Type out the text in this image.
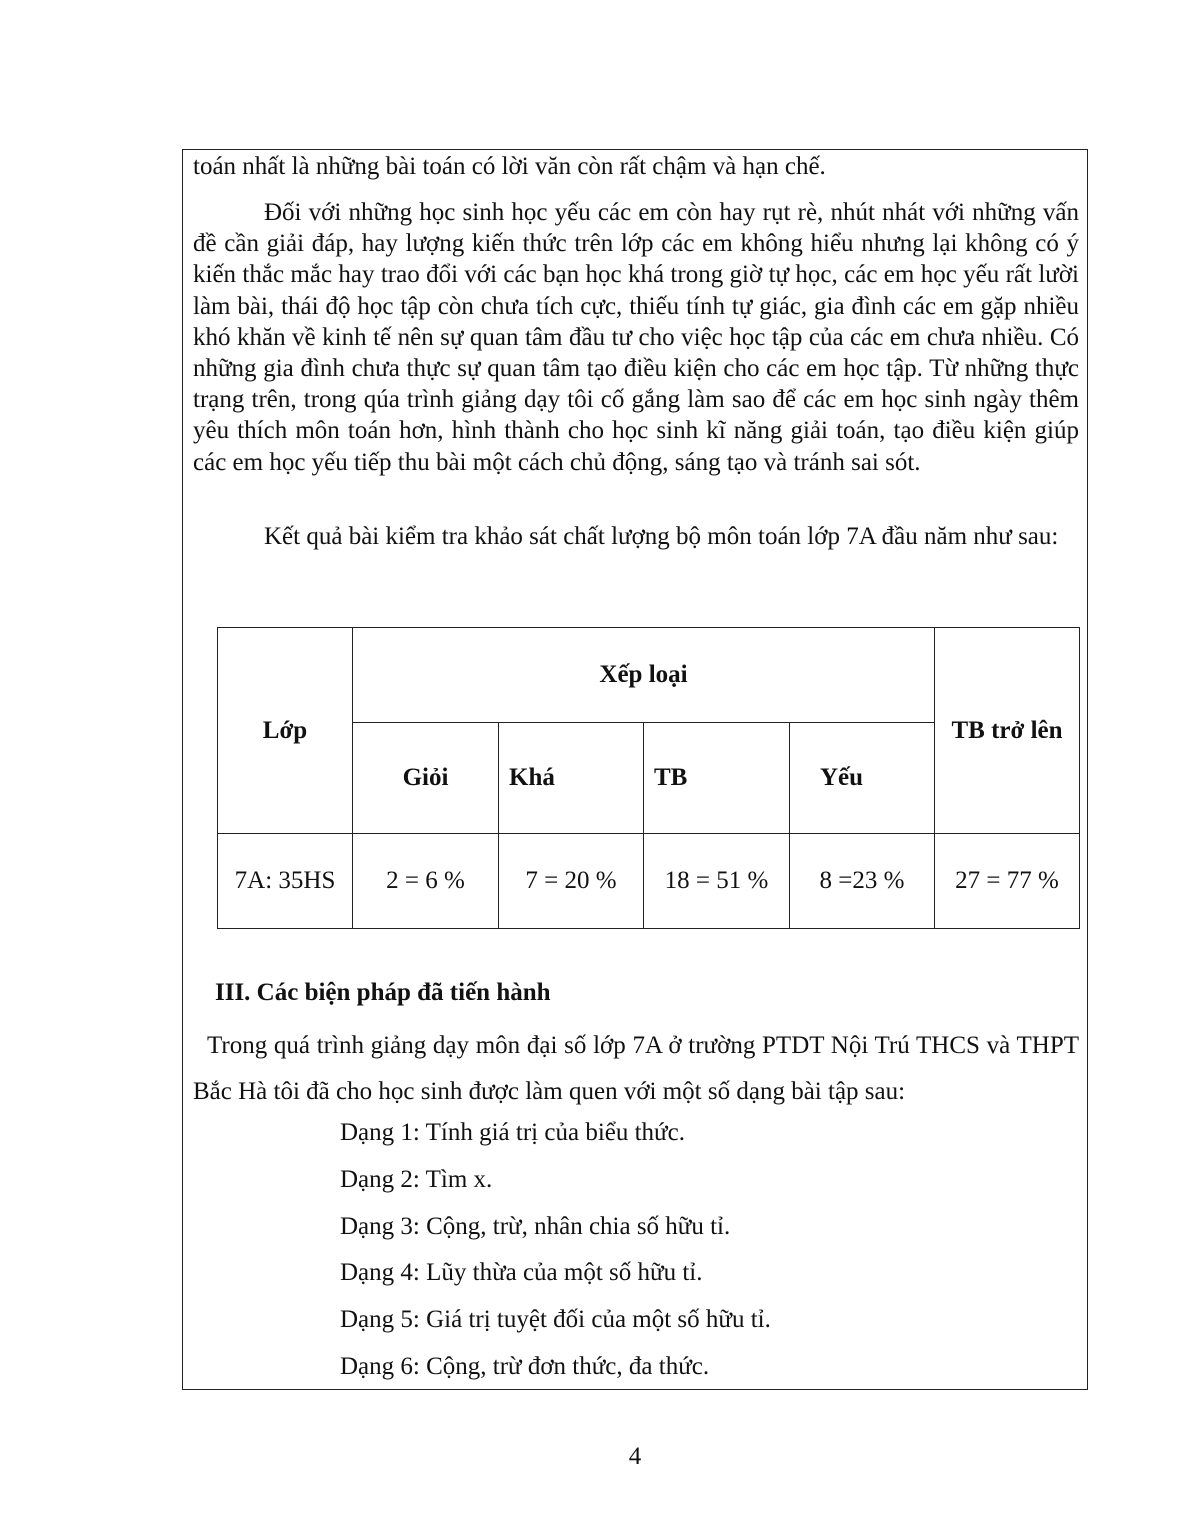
toán nhất là những bài toán có lời văn còn rất chậm và hạn chế.

Đối với những học sinh học yếu các em còn hay rụt rè, nhút nhát với những vấn đề cần giải đáp, hay lượng kiến thức trên lớp các em không hiểu nhưng lại không có ý kiến thắc mắc hay trao đổi với các bạn học khá trong giờ tự học, các em học yếu rất lười làm bài, thái độ học tập còn chưa tích cực, thiếu tính tự giác, gia đình các em gặp nhiều khó khăn về kinh tế nên sự quan tâm đầu tư cho việc học tập của các em chưa nhiều. Có những gia đình chưa thực sự quan tâm tạo điều kiện cho các em học tập. Từ những thực trạng trên, trong qúa trình giảng dạy tôi cố gắng làm sao để các em học sinh ngày thêm yêu thích môn toán hơn, hình thành cho học sinh kĩ năng giải toán, tạo điều kiện giúp các em học yếu tiếp thu bài một cách chủ động, sáng tạo và tránh sai sót.

Kết quả bài kiểm tra khảo sát chất lượng bộ môn toán lớp 7A đầu năm như sau:

Lớp	Xếp loại				TB trở lên
	Giỏi	Khá	TB	Yếu	
7A: 35HS	2 = 6 %	7 = 20 %	18 = 51 %	8 =23 %	27 = 77 %
III. Các biện pháp đã tiến hành

Trong quá trình giảng dạy môn đại số lớp 7A ở trường PTDT Nội Trú THCS và THPT Bắc Hà tôi đã cho học sinh được làm quen với một số dạng bài tập sau:

Dạng 1: Tính giá trị của biểu thức.
Dạng 2: Tìm x.
Dạng 3: Cộng, trừ, nhân chia số hữu tỉ.
Dạng 4: Lũy thừa của một số hữu tỉ.
Dạng 5: Giá trị tuyệt đối của một số hữu tỉ.
Dạng 6: Cộng, trừ đơn thức, đa thức.
4
